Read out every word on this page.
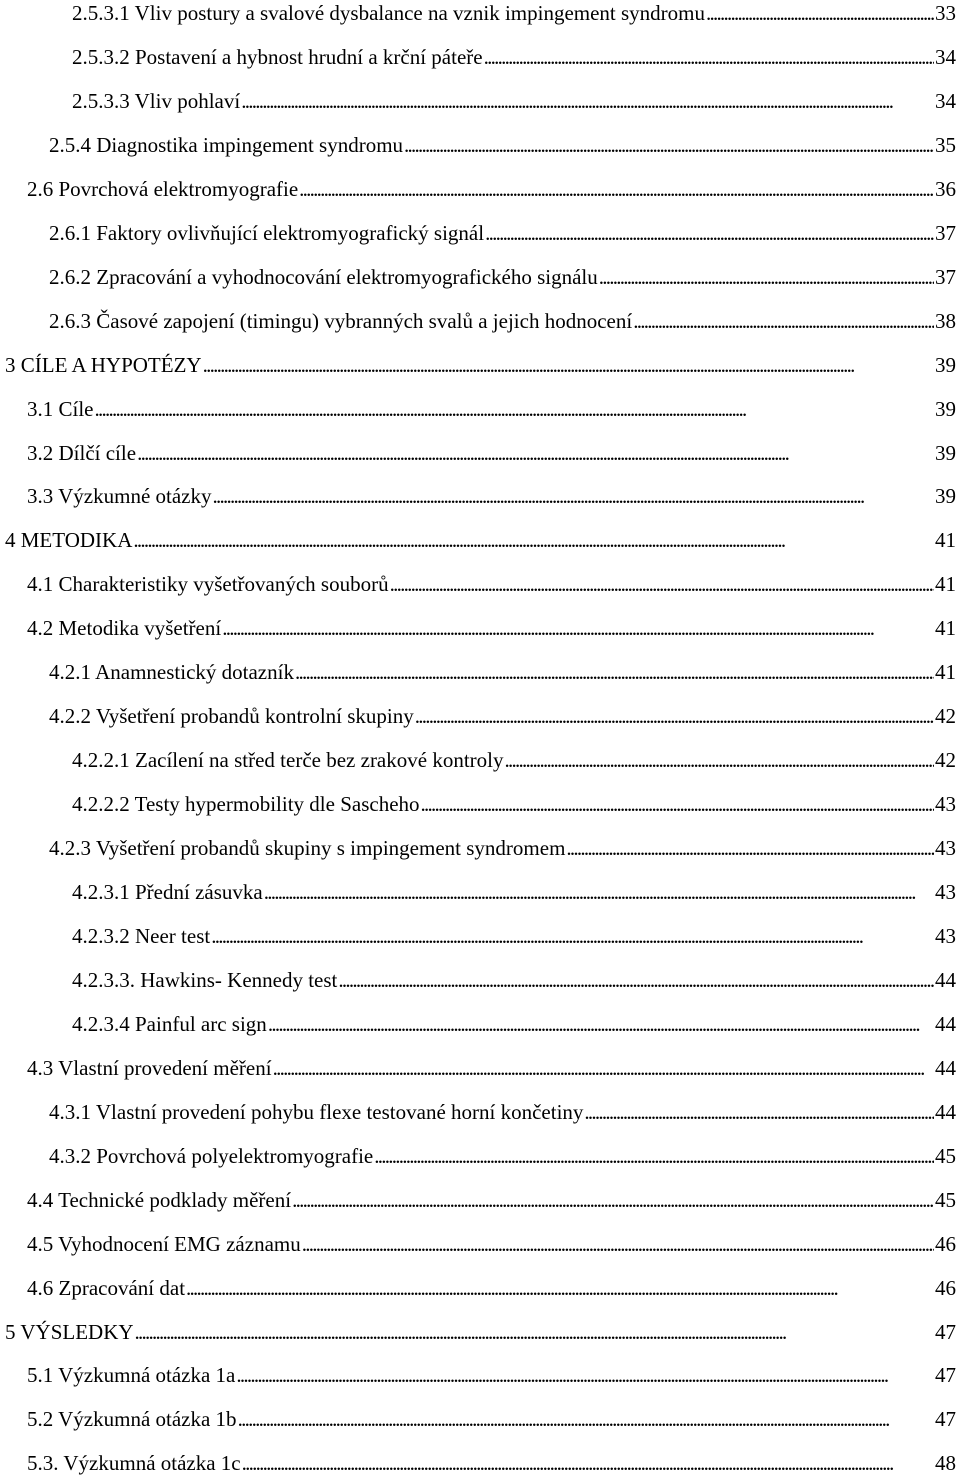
2.5.3.1 Vliv postury a svalové dysbalance na vznik impingement syndromu . . .	33
2.5.3.2 Postavení a hybnost hrudní a krční páteře . . .	34
2.5.3.3 Vliv pohlaví . . .	34
2.5.4 Diagnostika impingement syndromu . . .	35
2.6 Povrchová elektromyografie . . .	36
2.6.1 Faktory ovlivňující elektromyografický signál . . .	37
2.6.2 Zpracování a vyhodnocování elektromyografického signálu . . .	37
2.6.3 Časové zapojení (timingu) vybranných svalů a jejich hodnocení . . .	38
3 CÍLE A HYPOTÉZY . . .	39
3.1 Cíle . . .	39
3.2 Dílčí cíle . . .	39
3.3 Výzkumné otázky . . .	39
4 METODIKA . . .	41
4.1 Charakteristiky vyšetřovaných souborů . . .	41
4.2 Metodika vyšetření . . .	41
4.2.1 Anamnestický dotazník . . .	41
4.2.2 Vyšetření probandů kontrolní skupiny . . .	42
4.2.2.1 Zacílení na střed terče bez zrakové kontroly . . .	42
4.2.2.2 Testy hypermobility dle Sascheho . . .	43
4.2.3 Vyšetření probandů skupiny s impingement syndromem . . .	43
4.2.3.1 Přední zásuvka . . .	43
4.2.3.2 Neer test . . .	43
4.2.3.3. Hawkins- Kennedy test . . .	44
4.2.3.4 Painful arc sign . . .	44
4.3 Vlastní provedení měření . . .	44
4.3.1 Vlastní provedení pohybu flexe testované horní končetiny . . .	44
4.3.2 Povrchová polyelektromyografie . . .	45
4.4 Technické podklady měření . . .	45
4.5 Vyhodnocení EMG záznamu . . .	46
4.6 Zpracování dat . . .	46
5 VÝSLEDKY . . .	47
5.1 Výzkumná otázka 1a . . .	47
5.2 Výzkumná otázka 1b . . .	47
5.3. Výzkumná otázka 1c . . .	48
